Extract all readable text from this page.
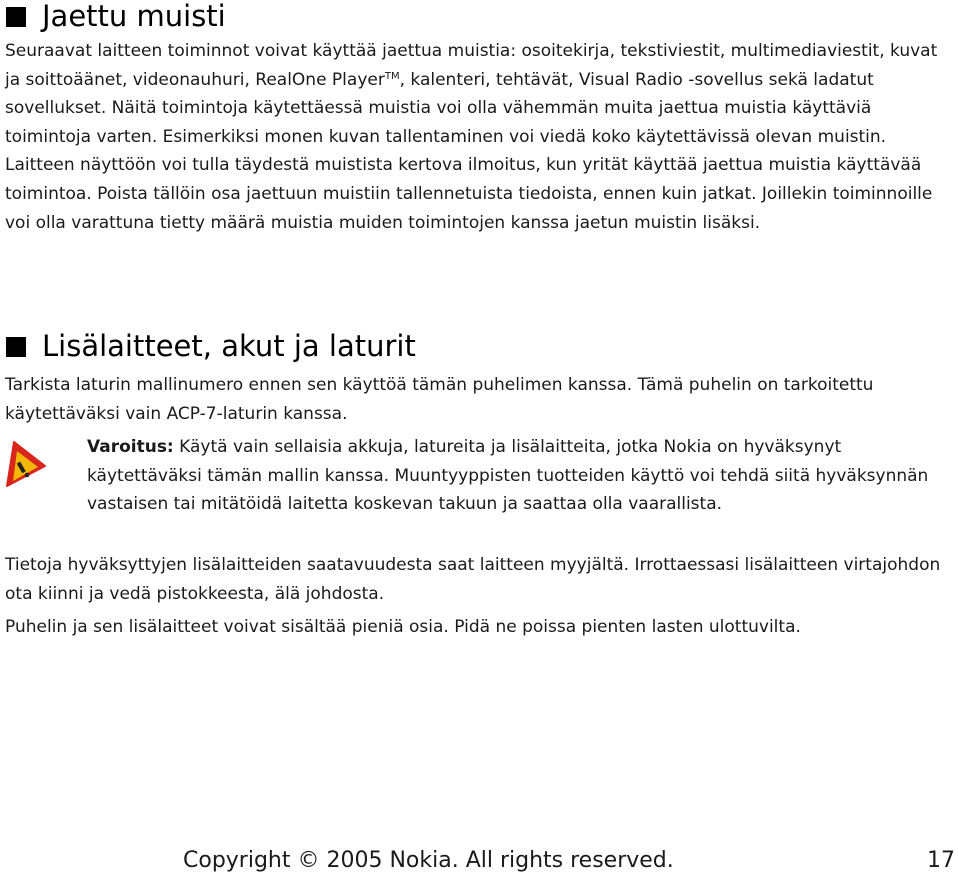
Jaettu muisti

Seuraavat laitteen toiminnot voivat käyttää jaettua muistia: osoitekirja, tekstiviestit, multimediaviestit, kuvat ja soittoäänet, videonauhuri, RealOne Player™, kalenteri, tehtävät, Visual Radio -sovellus sekä ladatut sovellukset. Näitä toimintoja käytettäessä muistia voi olla vähemmän muita jaettua muistia käyttäviä toimintoja varten. Esimerkiksi monen kuvan tallentaminen voi viedä koko käytettävissä olevan muistin. Laitteen näyttöön voi tulla täydestä muistista kertova ilmoitus, kun yrität käyttää jaettua muistia käyttävää toimintoa. Poista tällöin osa jaettuun muistiin tallennetuista tiedoista, ennen kuin jatkat. Joillekin toiminnoille voi olla varattuna tietty määrä muistia muiden toimintojen kanssa jaetun muistin lisäksi.

Lisälaitteet, akut ja laturit

Tarkista laturin mallinumero ennen sen käyttöä tämän puhelimen kanssa. Tämä puhelin on tarkoitettu käytettäväksi vain ACP-7-laturin kanssa.

Varoitus: Käytä vain sellaisia akkuja, latureita ja lisälaitteita, jotka Nokia on hyväksynyt käytettäväksi tämän mallin kanssa. Muuntyyppisten tuotteiden käyttö voi tehdä siitä hyväksynnän vastaisen tai mitätöidä laitetta koskevan takuun ja saattaa olla vaarallista.

Tietoja hyväksyttyjen lisälaitteiden saatavuudesta saat laitteen myyjältä. Irrottaessasi lisälaitteen virtajohdon ota kiinni ja vedä pistokkeesta, älä johdosta.

Puhelin ja sen lisälaitteet voivat sisältää pieniä osia. Pidä ne poissa pienten lasten ulottuvilta.

Copyright © 2005 Nokia. All rights reserved.	17
